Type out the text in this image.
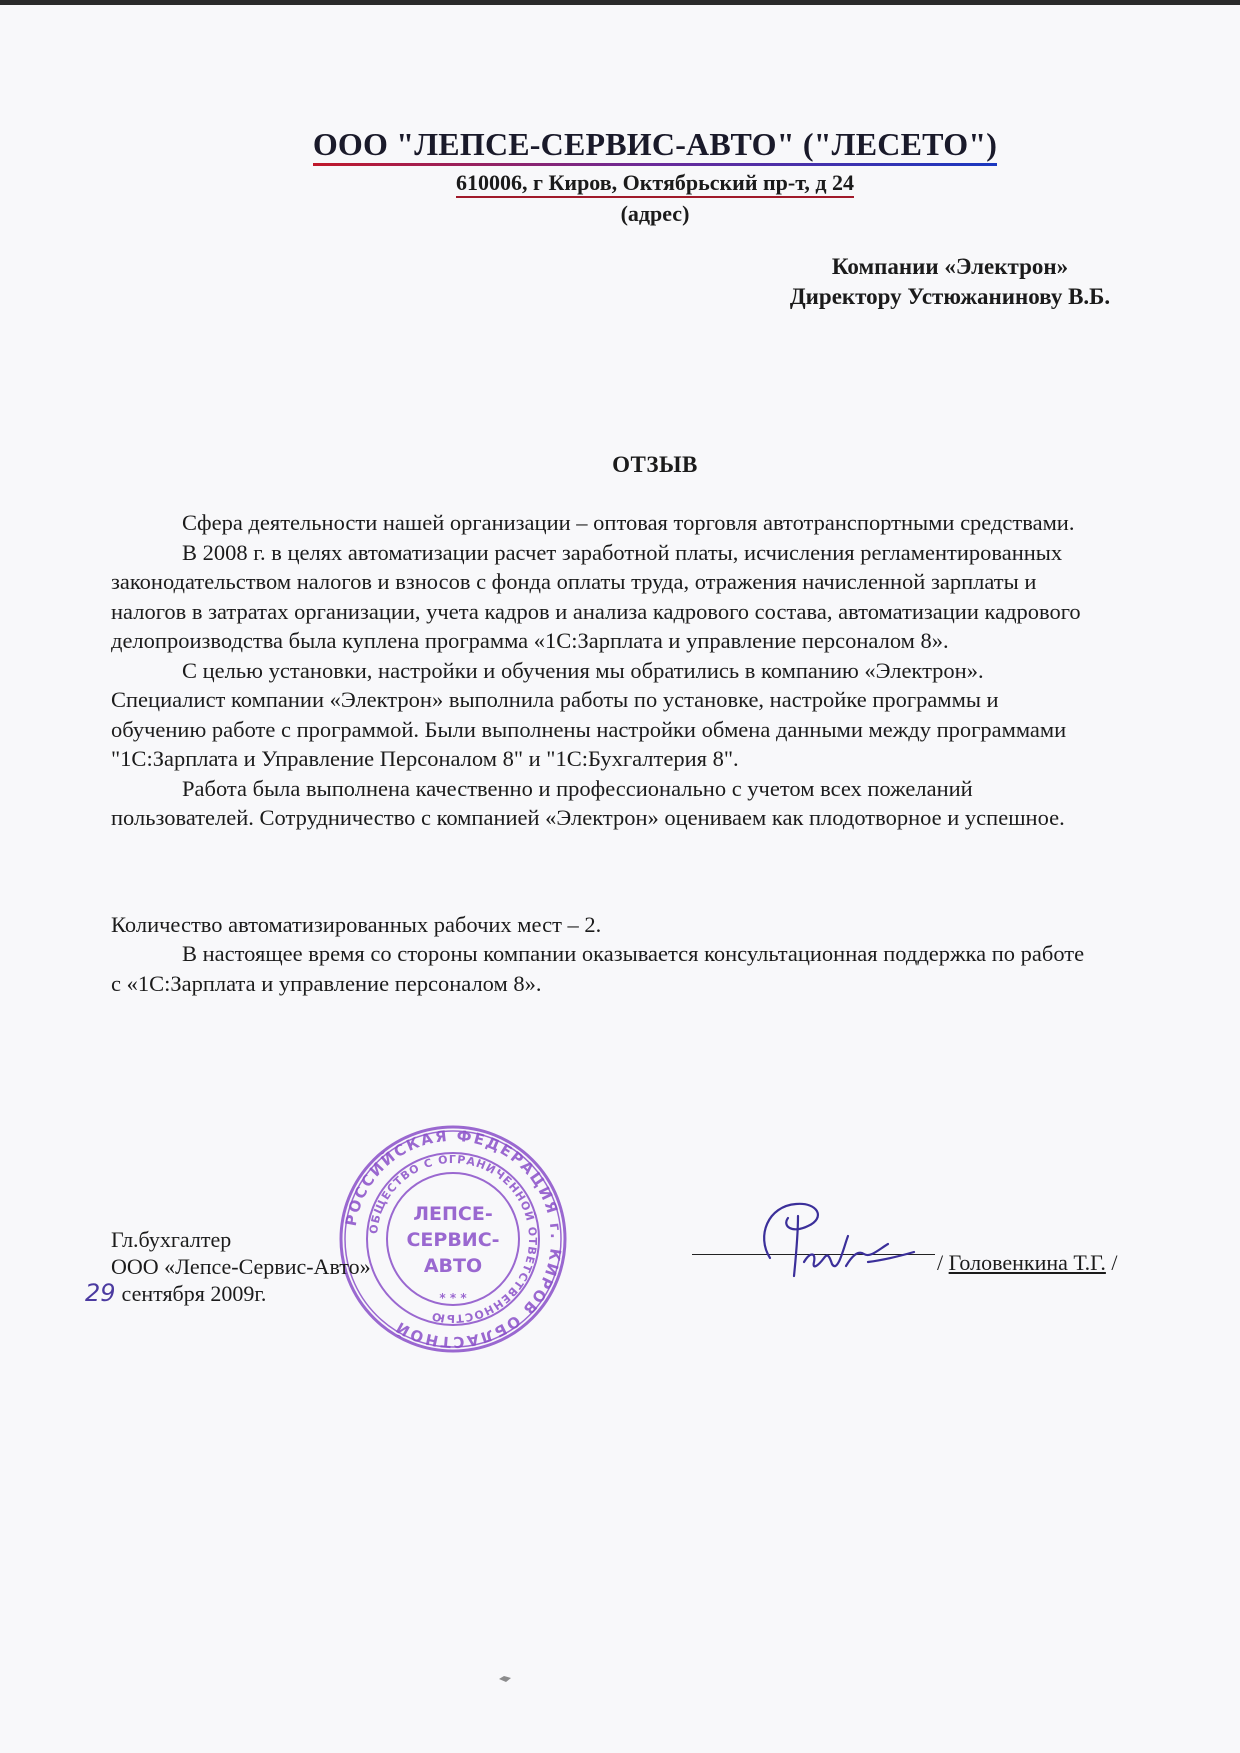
ООО "ЛЕПСЕ-СЕРВИС-АВТО" ("ЛЕСЕТО")
610006, г Киров, Октябрьский пр-т, д 24
(адрес)
Компании «Электрон»
Директору Устюжанинову В.Б.
ОТЗЫВ

Сфера деятельности нашей организации – оптовая торговля автотранспортными средствами.

В 2008 г. в целях автоматизации расчет заработной платы, исчисления регламентированных
законодательством налогов и взносов с фонда оплаты труда, отражения начисленной зарплаты и
налогов в затратах организации, учета кадров и анализа кадрового состава, автоматизации кадрового
делопроизводства была куплена программа «1С:Зарплата и управление персоналом 8».

С целью установки, настройки и обучения мы обратились в компанию «Электрон».
Специалист компании «Электрон» выполнила работы по установке, настройке программы и
обучению работе с программой. Были выполнены настройки обмена данными между программами
"1С:Зарплата и Управление Персоналом 8" и "1С:Бухгалтерия 8".

Работа была выполнена качественно и профессионально с учетом всех пожеланий
пользователей. Сотрудничество с компанией «Электрон» оцениваем как плодотворное и успешное.

Количество автоматизированных рабочих мест – 2.
В настоящее время со стороны компании оказывается консультационная поддержка по работе
с «1С:Зарплата и управление персоналом 8».
РОССИЙСКАЯ ФЕДЕРАЦИЯ г. КИРОВ ОБЛАСТНОЙ
ОБЩЕСТВО С ОГРАНИЧЕННОЙ ОТВЕТСТВЕННОСТЬЮ
ЛЕПСЕ-
СЕРВИС-
АВТО
* * *
Гл.бухгалтер
ООО «Лепсе-Сервис-Авто»
29 сентября 2009г.
/ Головенкина Т.Г. /
